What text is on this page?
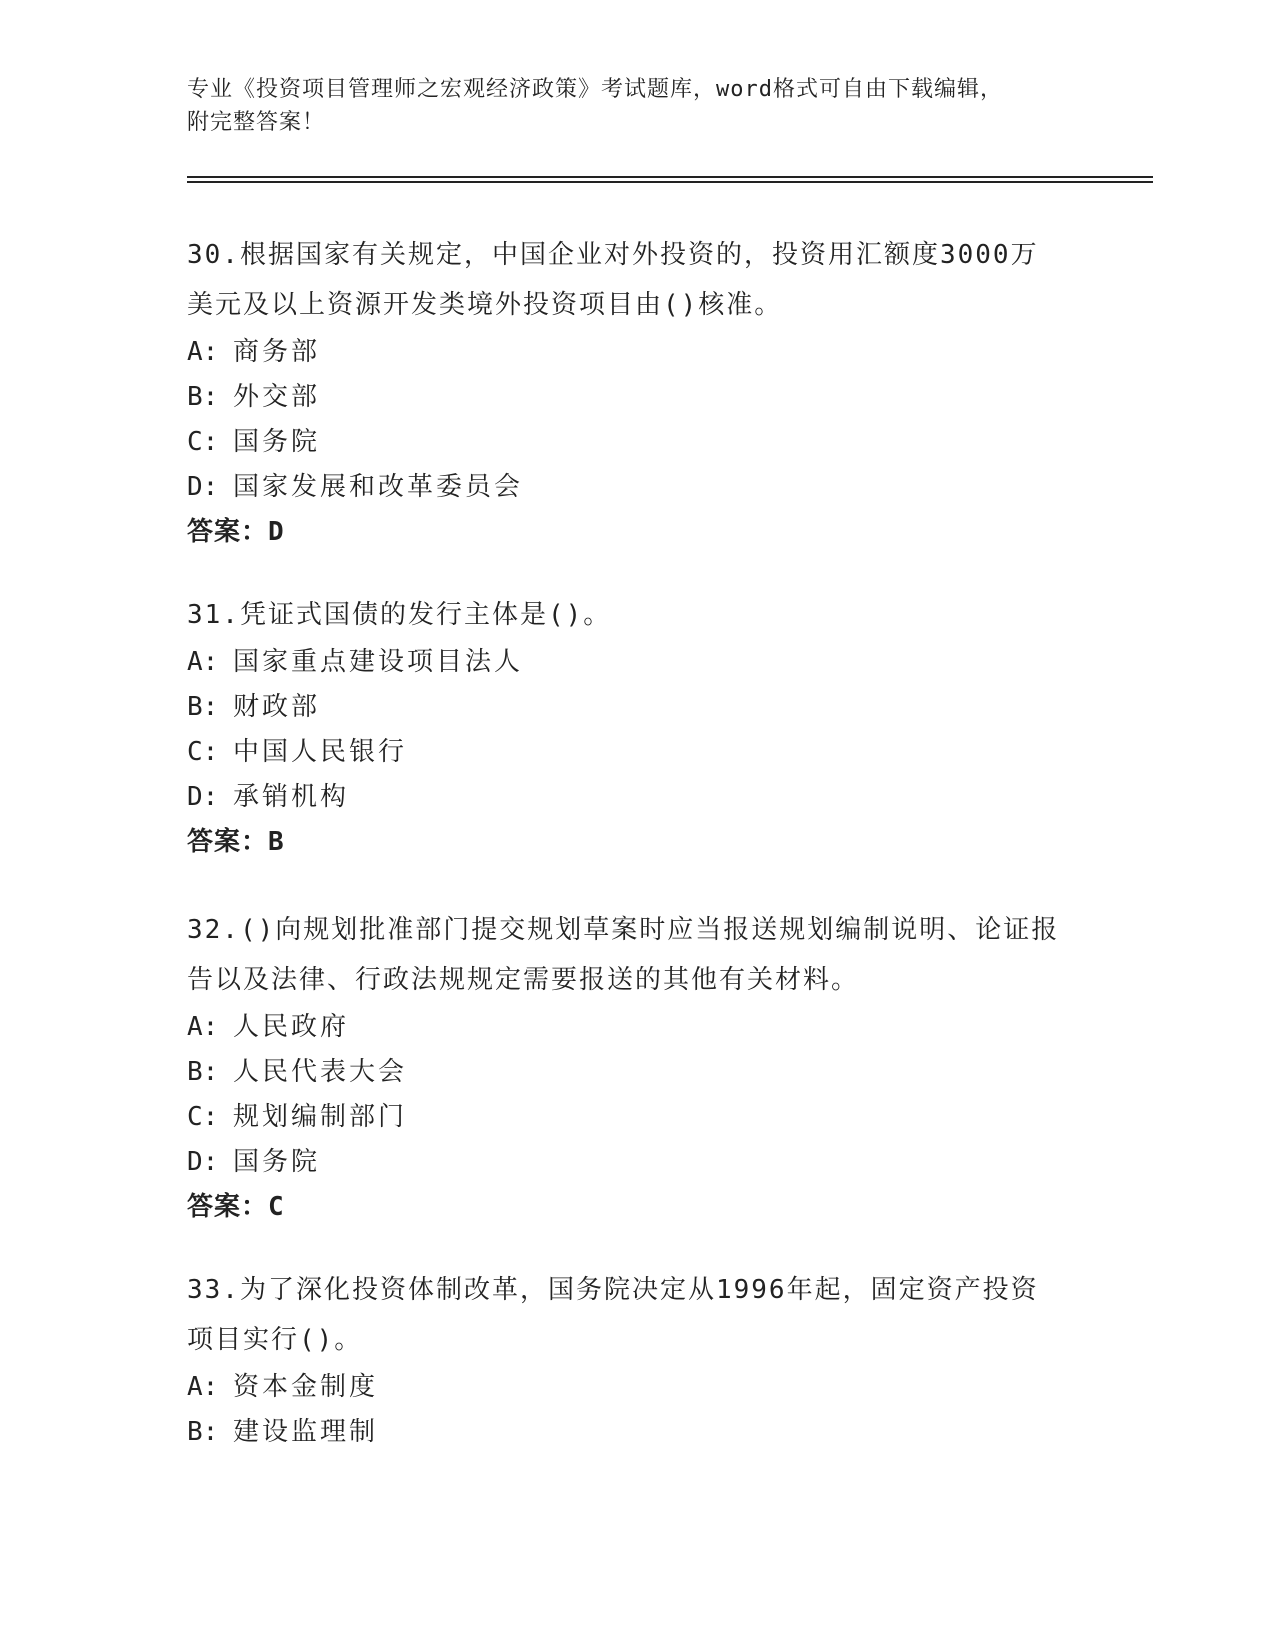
专业《投资项目管理师之宏观经济政策》考试题库，word格式可自由下载编辑，
附完整答案！
30.根据国家有关规定，中国企业对外投资的，投资用汇额度3000万
美元及以上资源开发类境外投资项目由()核准。
A: 商务部
B: 外交部
C: 国务院
D: 国家发展和改革委员会
答案：D
31.凭证式国债的发行主体是()。
A: 国家重点建设项目法人
B: 财政部
C: 中国人民银行
D: 承销机构
答案：B
32.()向规划批准部门提交规划草案时应当报送规划编制说明、论证报
告以及法律、行政法规规定需要报送的其他有关材料。
A: 人民政府
B: 人民代表大会
C: 规划编制部门
D: 国务院
答案：C
33.为了深化投资体制改革，国务院决定从1996年起，固定资产投资
项目实行()。
A: 资本金制度
B: 建设监理制
